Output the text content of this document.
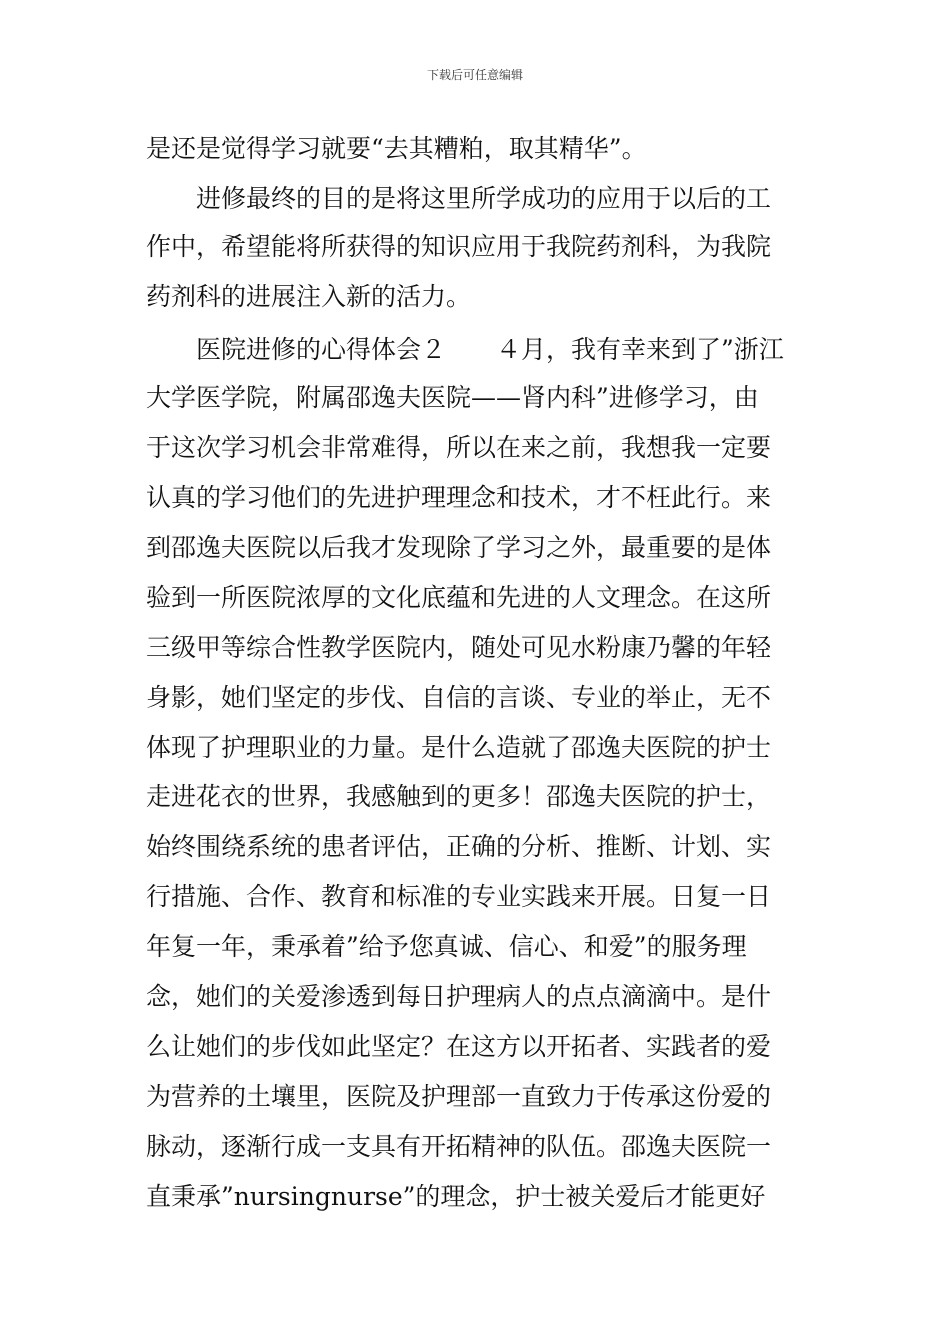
下载后可任意编辑
是还是觉得学习就要“去其糟粕，取其精华”。
　　进修最终的目的是将这里所学成功的应用于以后的工
作中，希望能将所获得的知识应用于我院药剂科，为我院
药剂科的进展注入新的活力。
　　医院进修的心得体会２　　４月，我有幸来到了”浙江
大学医学院，附属邵逸夫医院——肾内科”进修学习，由
于这次学习机会非常难得，所以在来之前，我想我一定要
认真的学习他们的先进护理理念和技术，才不枉此行。来
到邵逸夫医院以后我才发现除了学习之外，最重要的是体
验到一所医院浓厚的文化底蕴和先进的人文理念。在这所
三级甲等综合性教学医院内，随处可见水粉康乃馨的年轻
身影，她们坚定的步伐、自信的言谈、专业的举止，无不
体现了护理职业的力量。是什么造就了邵逸夫医院的护士
走进花衣的世界，我感触到的更多！邵逸夫医院的护士，
始终围绕系统的患者评估，正确的分析、推断、计划、实
行措施、合作、教育和标准的专业实践来开展。日复一日
年复一年，秉承着”给予您真诚、信心、和爱”的服务理
念，她们的关爱渗透到每日护理病人的点点滴滴中。是什
么让她们的步伐如此坚定？在这方以开拓者、实践者的爱
为营养的土壤里，医院及护理部一直致力于传承这份爱的
脉动，逐渐行成一支具有开拓精神的队伍。邵逸夫医院一
直秉承”nursingnurse”的理念，护士被关爱后才能更好
